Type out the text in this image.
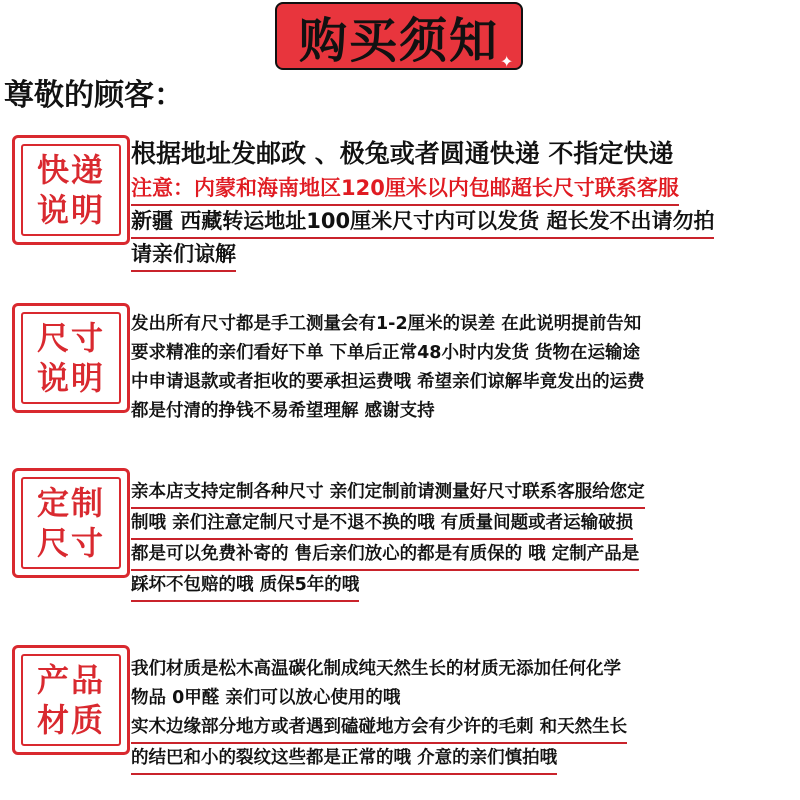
购买须知 ✦
尊敬的顾客：
快递
说明
根据地址发邮政 、极兔或者圆通快递 不指定快递
注意：内蒙和海南地区120厘米以内包邮超长尺寸联系客服
新疆 西藏转运地址100厘米尺寸内可以发货 超长发不出请勿拍
请亲们谅解
尺寸
说明
发出所有尺寸都是手工测量会有1-2厘米的误差 在此说明提前告知
要求精准的亲们看好下单 下单后正常48小时内发货 货物在运输途
中申请退款或者拒收的要承担运费哦 希望亲们谅解毕竟发出的运费
都是付清的挣钱不易希望理解 感谢支持
定制
尺寸
亲本店支持定制各种尺寸 亲们定制前请测量好尺寸联系客服给您定
制哦 亲们注意定制尺寸是不退不换的哦 有质量间题或者运输破损
都是可以免费补寄的 售后亲们放心的都是有质保的 哦 定制产品是
踩坏不包赔的哦 质保5年的哦
产品
材质
我们材质是松木高温碳化制成纯天然生长的材质无添加任何化学
物品 0甲醛 亲们可以放心使用的哦
实木边缘部分地方或者遇到磕碰地方会有少许的毛刺 和天然生长
的结巴和小的裂纹这些都是正常的哦 介意的亲们慎拍哦
